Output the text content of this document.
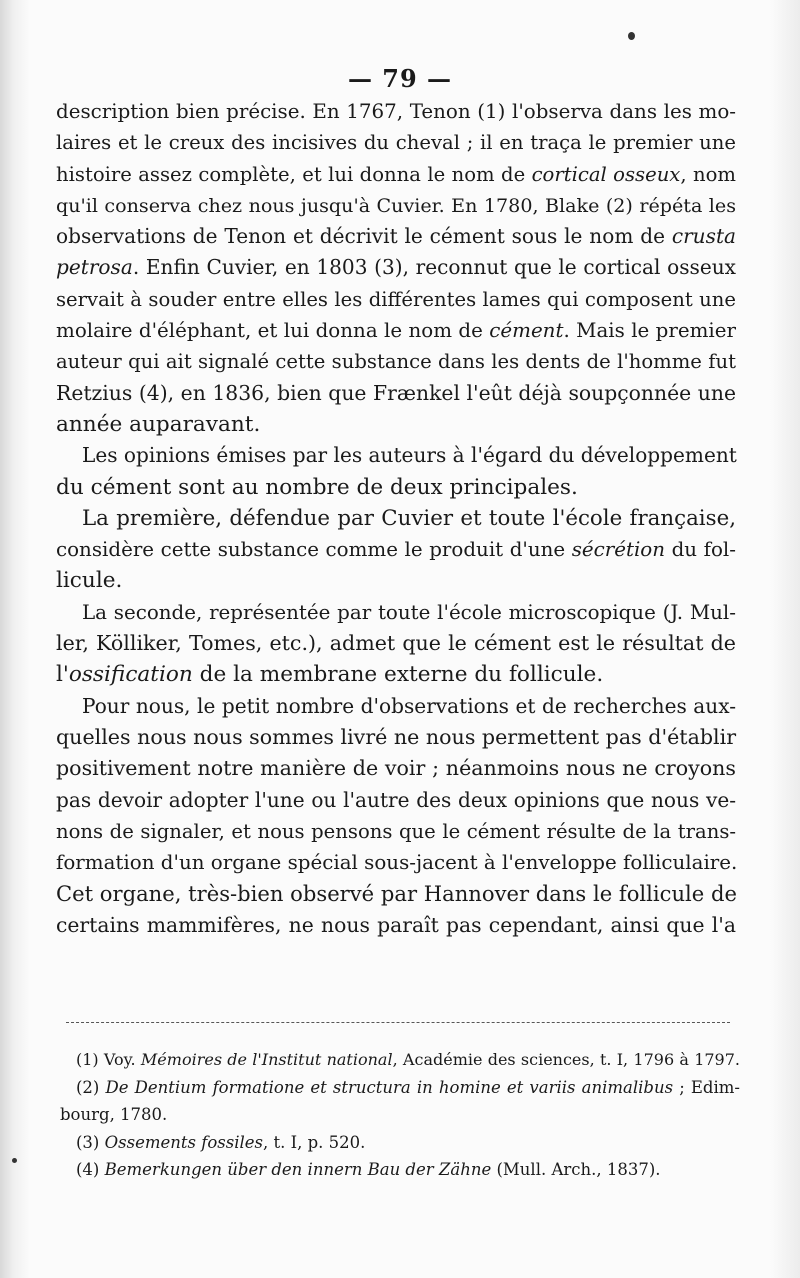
— 79 —
description bien précise. En 1767, Tenon (1) l'observa dans les mo-
laires et le creux des incisives du cheval ; il en traça le premier une
histoire assez complète, et lui donna le nom de cortical osseux, nom
qu'il conserva chez nous jusqu'à Cuvier. En 1780, Blake (2) répéta les
observations de Tenon et décrivit le cément sous le nom de crusta
petrosa. Enfin Cuvier, en 1803 (3), reconnut que le cortical osseux
servait à souder entre elles les différentes lames qui composent une
molaire d'éléphant, et lui donna le nom de cément. Mais le premier
auteur qui ait signalé cette substance dans les dents de l'homme fut
Retzius (4), en 1836, bien que Frænkel l'eût déjà soupçonnée une
année auparavant.
Les opinions émises par les auteurs à l'égard du développement
du cément sont au nombre de deux principales.
La première, défendue par Cuvier et toute l'école française,
considère cette substance comme le produit d'une sécrétion du fol-
licule.
La seconde, représentée par toute l'école microscopique (J. Mul-
ler, Kölliker, Tomes, etc.), admet que le cément est le résultat de
l'ossification de la membrane externe du follicule.
Pour nous, le petit nombre d'observations et de recherches aux-
quelles nous nous sommes livré ne nous permettent pas d'établir
positivement notre manière de voir ; néanmoins nous ne croyons
pas devoir adopter l'une ou l'autre des deux opinions que nous ve-
nons de signaler, et nous pensons que le cément résulte de la trans-
formation d'un organe spécial sous-jacent à l'enveloppe folliculaire.
Cet organe, très-bien observé par Hannover dans le follicule de
certains mammifères, ne nous paraît pas cependant, ainsi que l'a
(1) Voy. Mémoires de l'Institut national, Académie des sciences, t. I, 1796 à 1797.
(2) De Dentium formatione et structura in homine et variis animalibus ; Edim-
bourg, 1780.
(3) Ossements fossiles, t. I, p. 520.
(4) Bemerkungen über den innern Bau der Zähne (Mull. Arch., 1837).
